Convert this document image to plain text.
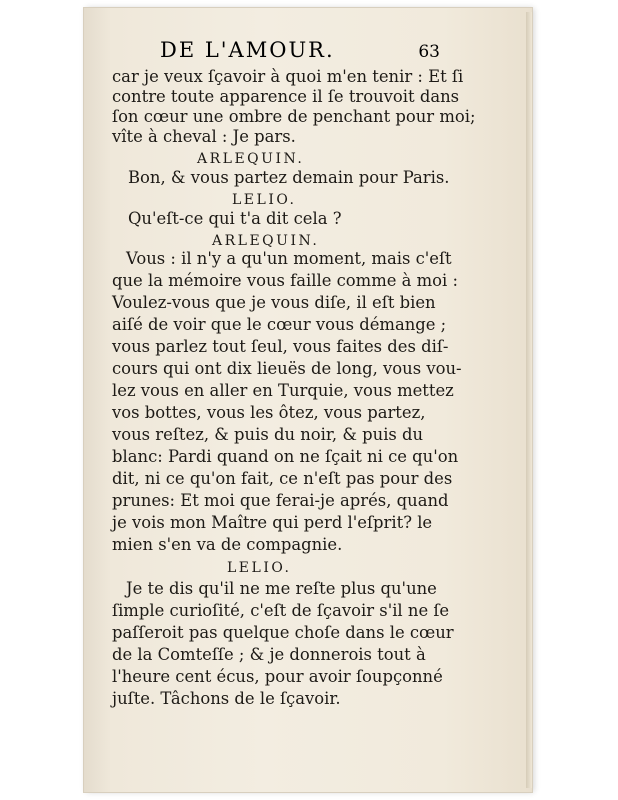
DE L'AMOUR.	63
car je veux ſçavoir à quoi m'en tenir : Et ſi
contre toute apparence il ſe trouvoit dans
ſon cœur une ombre de penchant pour moi;
vîte à cheval : Je pars.
ARLEQUIN.
Bon, & vous partez demain pour Paris.
LELIO.
Qu'eſt-ce qui t'a dit cela ?
ARLEQUIN.
Vous : il n'y a qu'un moment, mais c'eſt
que la mémoire vous faille comme à moi :
Voulez-vous que je vous diſe, il eſt bien
aiſé de voir que le cœur vous démange ;
vous parlez tout ſeul, vous faites des diſ-
cours qui ont dix lieuës de long, vous vou-
lez vous en aller en Turquie, vous mettez
vos bottes, vous les ôtez, vous partez,
vous reſtez, & puis du noir, & puis du
blanc: Pardi quand on ne ſçait ni ce qu'on
dit, ni ce qu'on fait, ce n'eſt pas pour des
prunes: Et moi que ferai-je aprés, quand
je vois mon Maître qui perd l'eſprit? le
mien s'en va de compagnie.
LELIO.
Je te dis qu'il ne me reſte plus qu'une
ſimple curioſité, c'eſt de ſçavoir s'il ne ſe
paſſeroit pas quelque choſe dans le cœur
de la Comteſſe ; & je donnerois tout à
l'heure cent écus, pour avoir ſoupçonné
juſte. Tâchons de le ſçavoir.
